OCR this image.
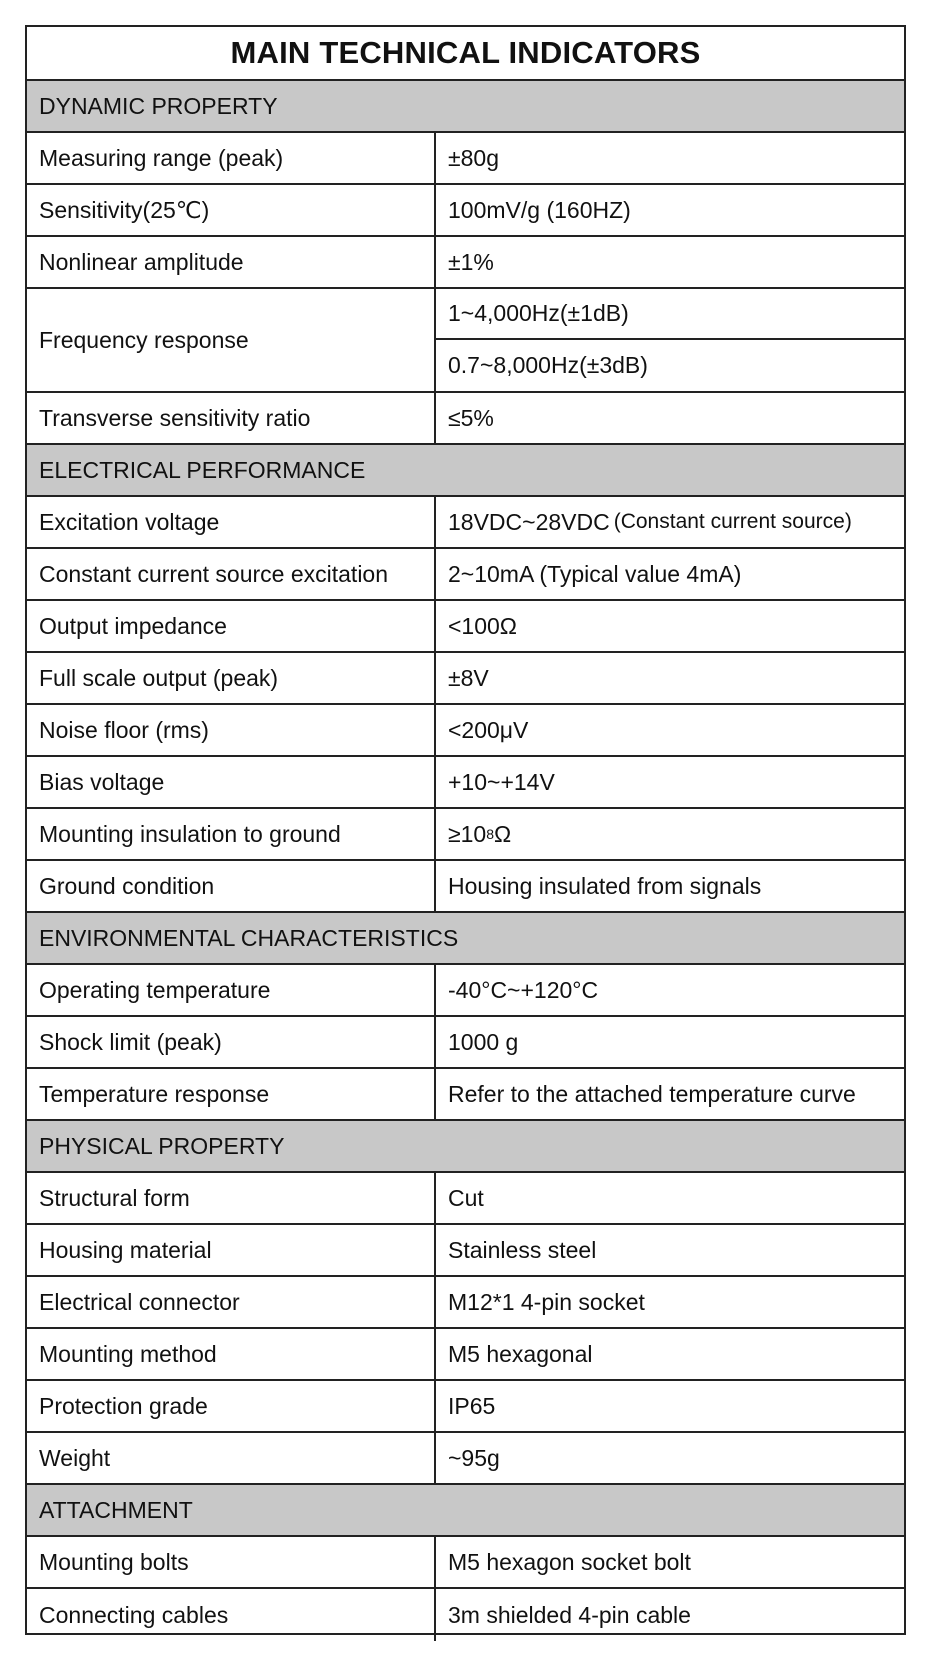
MAIN TECHNICAL INDICATORS
DYNAMIC PROPERTY
Measuring range (peak)	±80g
Sensitivity(25℃)	100mV/g (160HZ)
Nonlinear amplitude	±1%
Frequency response
1~4,000Hz(±1dB)
0.7~8,000Hz(±3dB)
Transverse sensitivity ratio	≤5%
ELECTRICAL PERFORMANCE
Excitation voltage	18VDC~28VDC (Constant current source)
Constant current source excitation	2~10mA (Typical value 4mA)
Output impedance	<100Ω
Full scale output (peak)	±8V
Noise floor (rms)	<200μV
Bias voltage	+10~+14V
Mounting insulation to ground	≥10 8 Ω
Ground condition	Housing insulated from signals
ENVIRONMENTAL CHARACTERISTICS
Operating temperature	-40°C~+120°C
Shock limit (peak)	1000 g
Temperature response	Refer to the attached temperature curve
PHYSICAL PROPERTY
Structural form	Cut
Housing material	Stainless steel
Electrical connector	M12*1 4-pin socket
Mounting method	M5 hexagonal
Protection grade	IP65
Weight	~95g
ATTACHMENT
Mounting bolts	M5 hexagon socket bolt
Connecting cables	3m shielded 4-pin cable
